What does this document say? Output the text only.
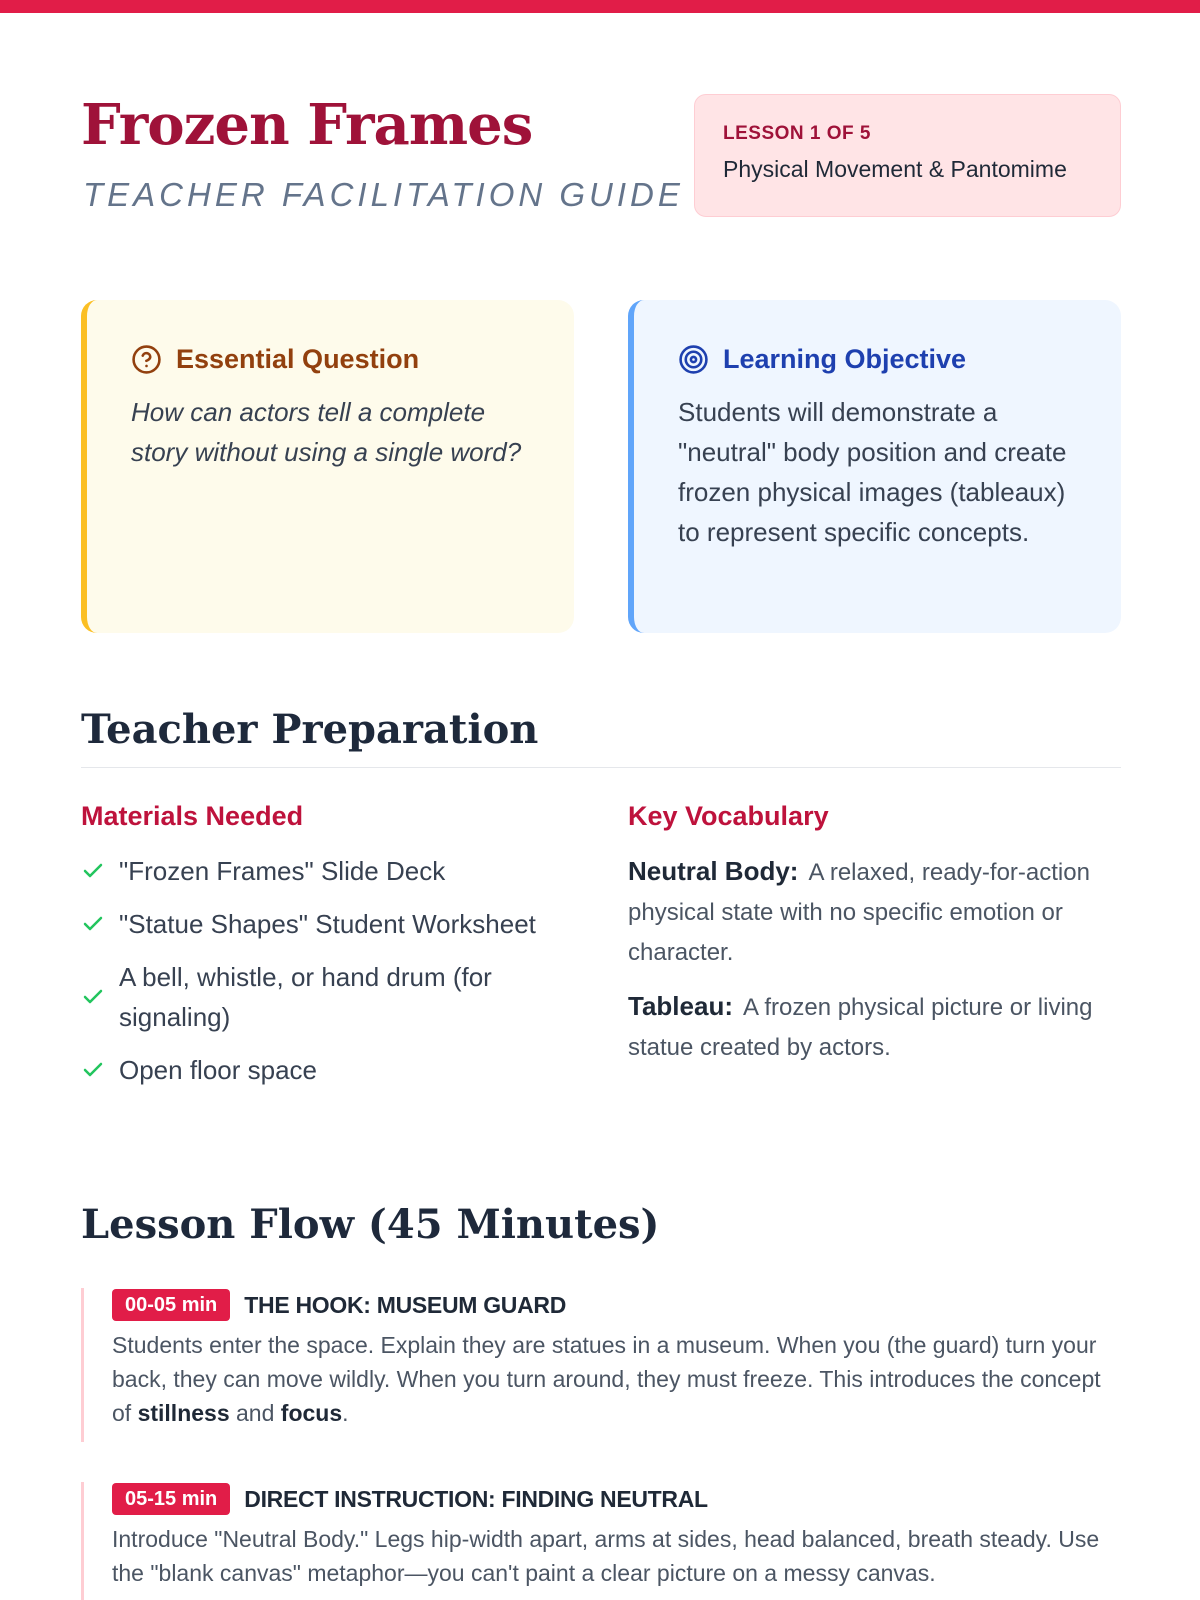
Frozen Frames
TEACHER FACILITATION GUIDE
LESSON 1 OF 5
Physical Movement & Pantomime
Essential Question

How can actors tell a complete story without using a single word?

Learning Objective

Students will demonstrate a "neutral" body position and create frozen physical images (tableaux) to represent specific concepts.

Teacher Preparation
Materials Needed
"Frozen Frames" Slide Deck
"Statue Shapes" Student Worksheet
A bell, whistle, or hand drum (for signaling)
Open floor space
Key Vocabulary

Neutral Body: A relaxed, ready-for-action physical state with no specific emotion or character.

Tableau: A frozen physical picture or living statue created by actors.

Lesson Flow (45 Minutes)
00-05 min	THE HOOK: MUSEUM GUARD

Students enter the space. Explain they are statues in a museum. When you (the guard) turn your back, they can move wildly. When you turn around, they must freeze. This introduces the concept of stillness and focus.

05-15 min	DIRECT INSTRUCTION: FINDING NEUTRAL

Introduce "Neutral Body." Legs hip-width apart, arms at sides, head balanced, breath steady. Use the "blank canvas" metaphor—you can't paint a clear picture on a messy canvas.
